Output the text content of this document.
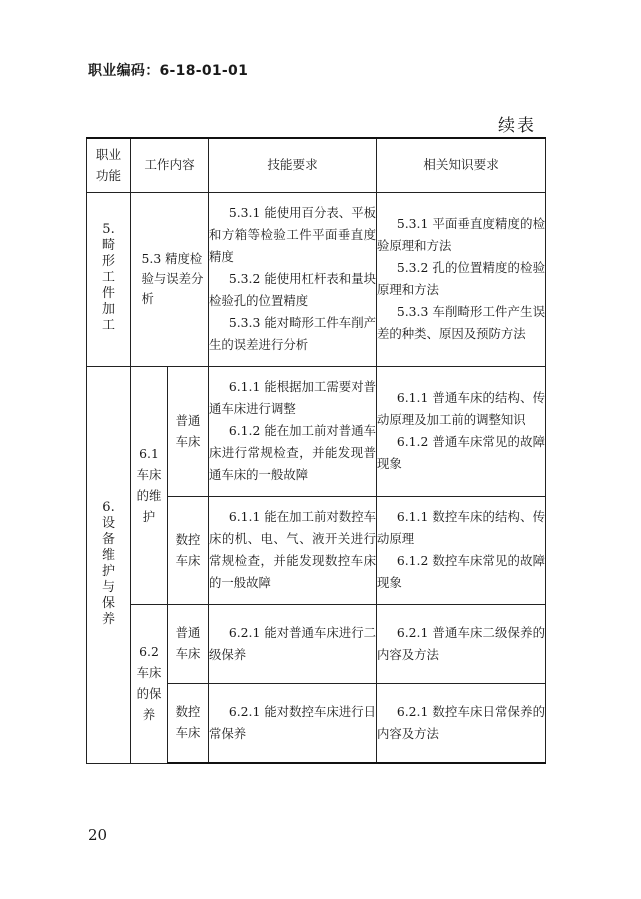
职业编码：6-18-01-01
续表
职业功能	工作内容		技能要求	相关知识要求
5.畸形工件加工	5.3 精度检验与误差分析		5.3.1 能使用百分表、平板和方箱等检验工件平面垂直度精度
5.3.2 能使用杠杆表和量块检验孔的位置精度
5.3.3 能对畸形工件车削产生的误差进行分析	5.3.1 平面垂直度精度的检验原理和方法
5.3.2 孔的位置精度的检验原理和方法
5.3.3 车削畸形工件产生误差的种类、原因及预防方法

6.设备维护与保养	6.1车床的维护	普通车床	6.1.1 能根据加工需要对普通车床进行调整
6.1.2 能在加工前对普通车床进行常规检查，并能发现普通车床的一般故障	6.1.1 普通车床的结构、传动原理及加工前的调整知识
6.1.2 普通车床常见的故障现象

		数控车床	6.1.1 能在加工前对数控车床的机、电、气、液开关进行常规检查，并能发现数控车床的一般故障	6.1.1 数控车床的结构、传动原理
6.1.2 数控车床常见的故障现象

	6.2车床的保养	普通车床	6.2.1 能对普通车床进行二级保养	6.2.1 普通车床二级保养的内容及方法

		数控车床	6.2.1 能对数控车床进行日常保养	6.2.1 数控车床日常保养的内容及方法
20
